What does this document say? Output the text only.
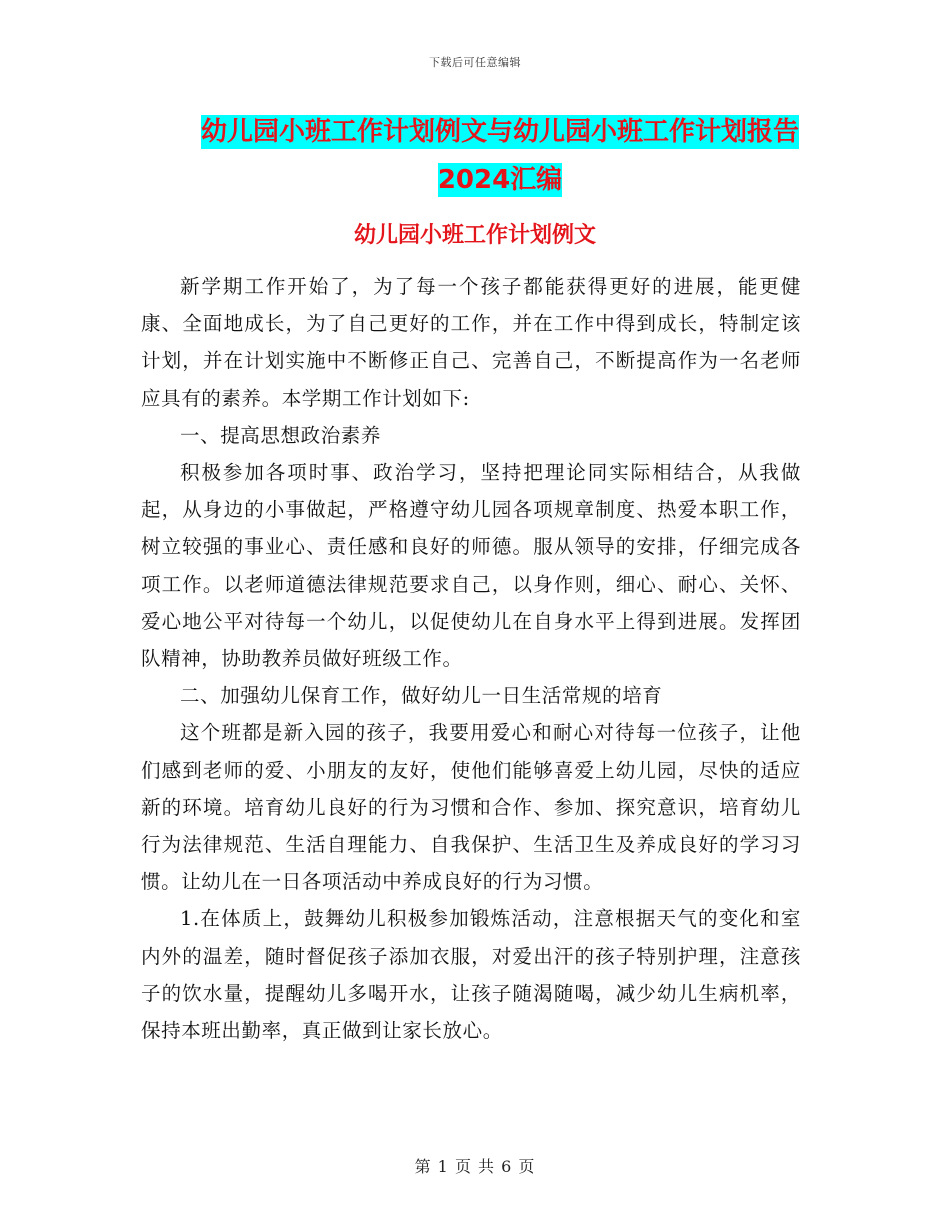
下载后可任意编辑
幼儿园小班工作计划例文与幼儿园小班工作计划报告
2024汇编
幼儿园小班工作计划例文

新学期工作开始了，为了每一个孩子都能获得更好的进展，能更健康、全面地成长，为了自己更好的工作，并在工作中得到成长，特制定该计划，并在计划实施中不断修正自己、完善自己，不断提高作为一名老师应具有的素养。本学期工作计划如下:

一、提高思想政治素养

积极参加各项时事、政治学习，坚持把理论同实际相结合，从我做起，从身边的小事做起，严格遵守幼儿园各项规章制度、热爱本职工作，树立较强的事业心、责任感和良好的师德。服从领导的安排，仔细完成各项工作。以老师道德法律规范要求自己，以身作则，细心、耐心、关怀、爱心地公平对待每一个幼儿，以促使幼儿在自身水平上得到进展。发挥团队精神，协助教养员做好班级工作。

二、加强幼儿保育工作，做好幼儿一日生活常规的培育

这个班都是新入园的孩子，我要用爱心和耐心对待每一位孩子，让他们感到老师的爱、小朋友的友好，使他们能够喜爱上幼儿园，尽快的适应新的环境。培育幼儿良好的行为习惯和合作、参加、探究意识，培育幼儿行为法律规范、生活自理能力、自我保护、生活卫生及养成良好的学习习惯。让幼儿在一日各项活动中养成良好的行为习惯。

1.在体质上，鼓舞幼儿积极参加锻炼活动，注意根据天气的变化和室内外的温差，随时督促孩子添加衣服，对爱出汗的孩子特别护理，注意孩子的饮水量，提醒幼儿多喝开水，让孩子随渴随喝，减少幼儿生病机率，保持本班出勤率，真正做到让家长放心。

第 1 页 共 6 页
